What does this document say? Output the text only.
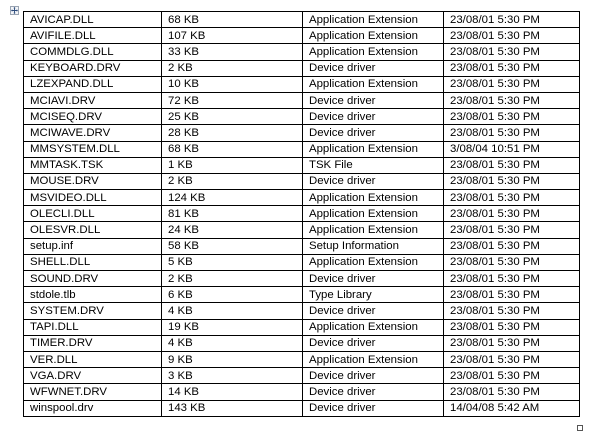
AVICAP.DLL	68 KB	Application Extension	23/08/01 5:30 PM
AVIFILE.DLL	107 KB	Application Extension	23/08/01 5:30 PM
COMMDLG.DLL	33 KB	Application Extension	23/08/01 5:30 PM
KEYBOARD.DRV	2 KB	Device driver	23/08/01 5:30 PM
LZEXPAND.DLL	10 KB	Application Extension	23/08/01 5:30 PM
MCIAVI.DRV	72 KB	Device driver	23/08/01 5:30 PM
MCISEQ.DRV	25 KB	Device driver	23/08/01 5:30 PM
MCIWAVE.DRV	28 KB	Device driver	23/08/01 5:30 PM
MMSYSTEM.DLL	68 KB	Application Extension	3/08/04 10:51 PM
MMTASK.TSK	1 KB	TSK File	23/08/01 5:30 PM
MOUSE.DRV	2 KB	Device driver	23/08/01 5:30 PM
MSVIDEO.DLL	124 KB	Application Extension	23/08/01 5:30 PM
OLECLI.DLL	81 KB	Application Extension	23/08/01 5:30 PM
OLESVR.DLL	24 KB	Application Extension	23/08/01 5:30 PM
setup.inf	58 KB	Setup Information	23/08/01 5:30 PM
SHELL.DLL	5 KB	Application Extension	23/08/01 5:30 PM
SOUND.DRV	2 KB	Device driver	23/08/01 5:30 PM
stdole.tlb	6 KB	Type Library	23/08/01 5:30 PM
SYSTEM.DRV	4 KB	Device driver	23/08/01 5:30 PM
TAPI.DLL	19 KB	Application Extension	23/08/01 5:30 PM
TIMER.DRV	4 KB	Device driver	23/08/01 5:30 PM
VER.DLL	9 KB	Application Extension	23/08/01 5:30 PM
VGA.DRV	3 KB	Device driver	23/08/01 5:30 PM
WFWNET.DRV	14 KB	Device driver	23/08/01 5:30 PM
winspool.drv	143 KB	Device driver	14/04/08 5:42 AM
